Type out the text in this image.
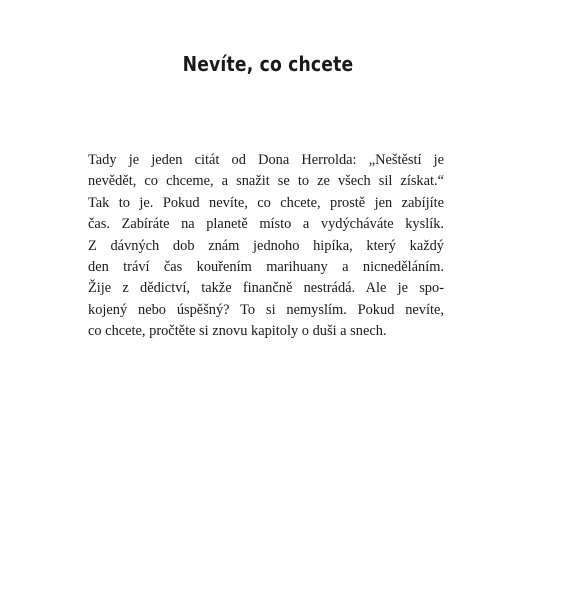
Nevíte, co chcete
Tady je jeden citát od Dona Herrolda: „Neštěstí je
nevědět, co chceme, a snažit se to ze všech sil získat.“
Tak to je. Pokud nevíte, co chcete, prostě jen zabíjíte
čas. Zabíráte na planetě místo a vydýcháváte kyslík.
Z dávných dob znám jednoho hipíka, který každý
den tráví čas kouřením marihuany a nicneděláním.
Žije z dědictví, takže finančně nestrádá. Ale je spo-
kojený nebo úspěšný? To si nemyslím. Pokud nevíte,
co chcete, pročtěte si znovu kapitoly o duši a snech.
